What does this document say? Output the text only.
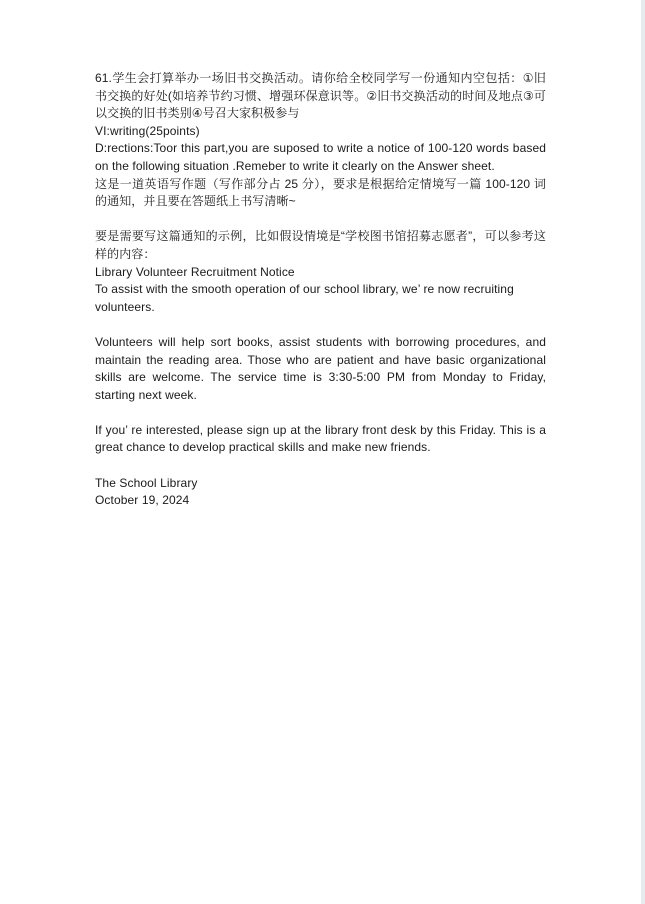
61.学生会打算举办一场旧书交换活动。请你给全校同学写一份通知内空包括：①旧书交换的好处(如培养节约习惯、增强环保意识等。②旧书交换活动的时间及地点③可以交换的旧书类别④号召大家积极参与

VI:writing(25points)

D:rections:Toor this part,you are suposed to write a notice of 100-120 words based on the following situation .Remeber to write it clearly on the Answer sheet.

这是一道英语写作题（写作部分占 25 分），要求是根据给定情境写一篇 100-120 词的通知，并且要在答题纸上书写清晰~

要是需要写这篇通知的示例，比如假设情境是“学校图书馆招募志愿者”，可以参考这样的内容：

Library Volunteer Recruitment Notice

To assist with the smooth operation of our school library, we’ re now recruiting volunteers.

Volunteers will help sort books, assist students with borrowing procedures, and maintain the reading area. Those who are patient and have basic organizational skills are welcome. The service time is 3:30-5:00 PM from Monday to Friday, starting next week.

If you’ re interested, please sign up at the library front desk by this Friday. This is a great chance to develop practical skills and make new friends.

The School Library

October 19, 2024
